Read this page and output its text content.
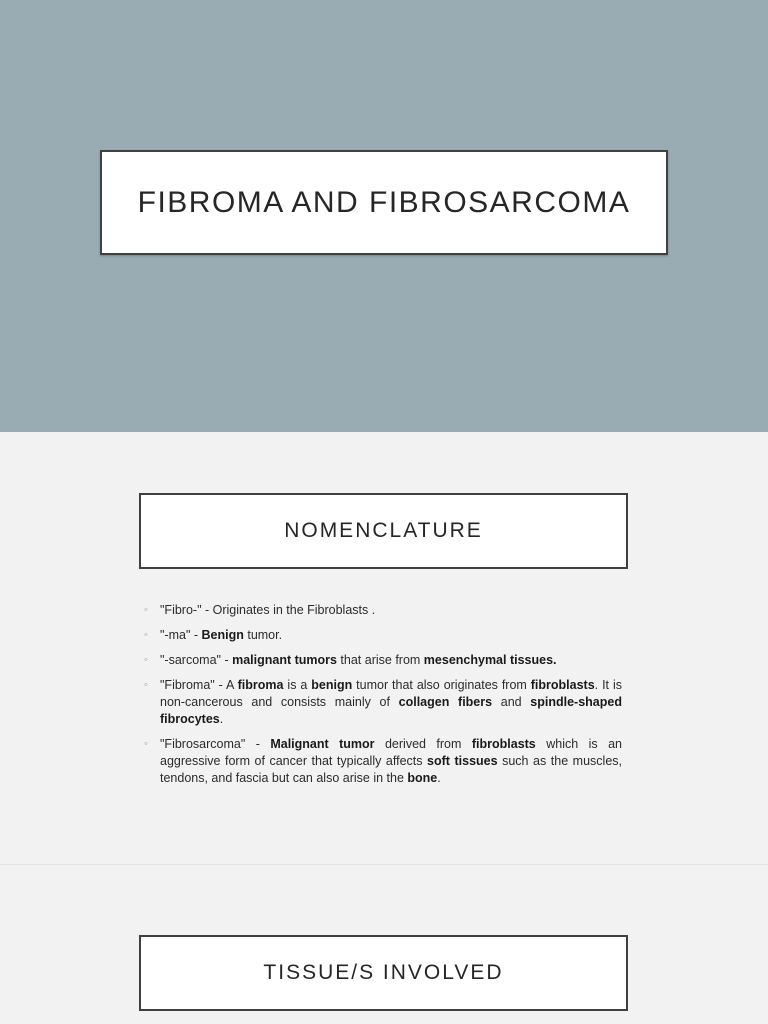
FIBROMA AND FIBROSARCOMA
NOMENCLATURE
◦ "Fibro-" - Originates in the Fibroblasts .
◦ "-ma" - Benign tumor.
◦ "-sarcoma" - malignant tumors that arise from mesenchymal tissues.
◦ "Fibroma" - A fibroma is a benign tumor that also originates from fibroblasts. It is non-cancerous and consists mainly of collagen fibers and spindle-shaped fibrocytes.
◦ "Fibrosarcoma" - Malignant tumor derived from fibroblasts which is an aggressive form of cancer that typically affects soft tissues such as the muscles, tendons, and fascia but can also arise in the bone.
TISSUE/S INVOLVED
